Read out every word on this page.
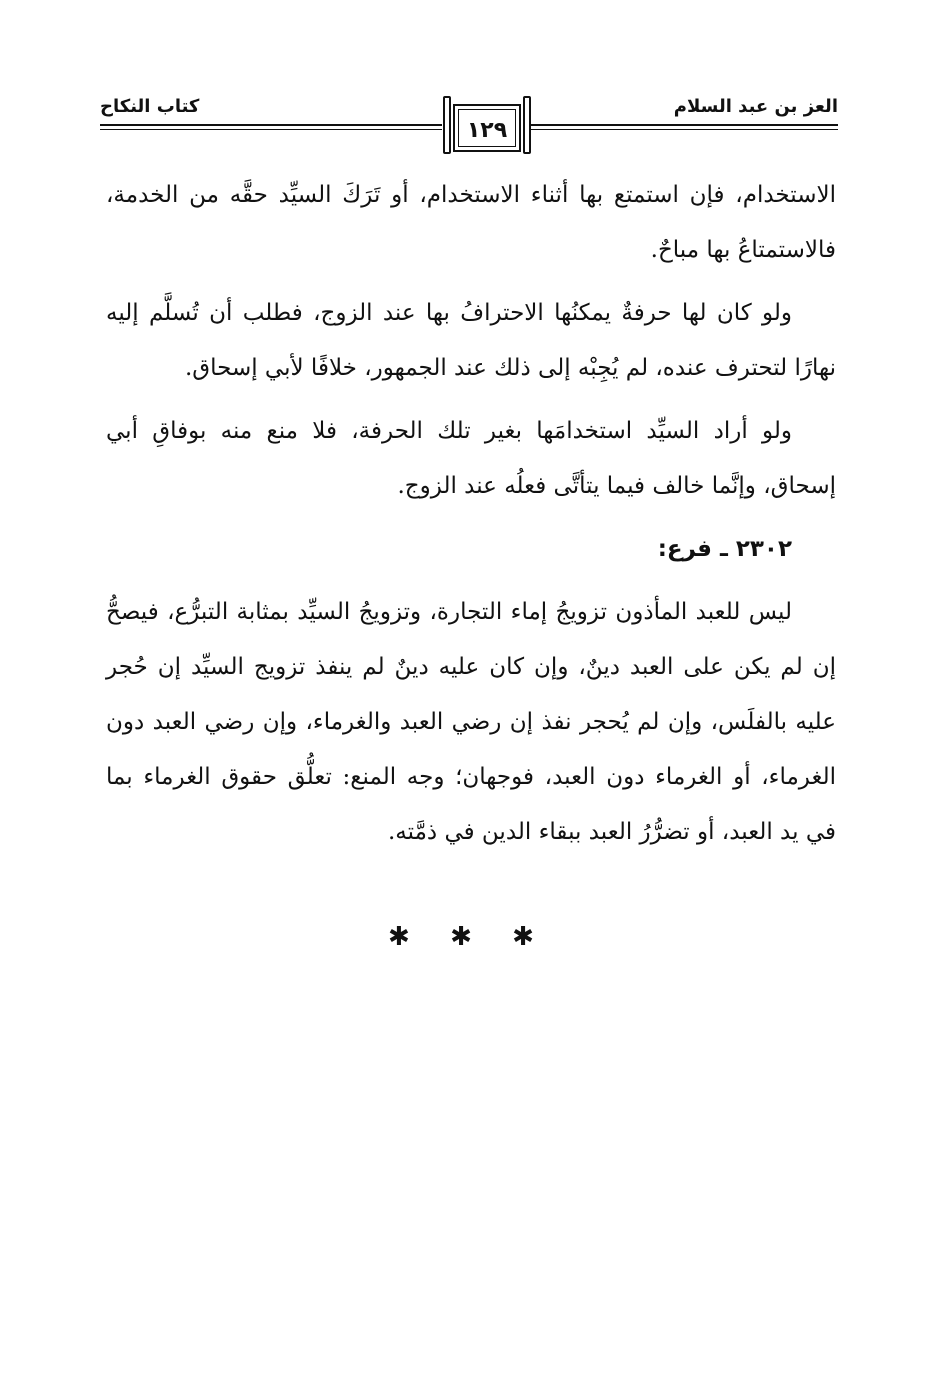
العز بن عبد السلام
كتاب النكاح
١٢٩

الاستخدام، فإن استمتع بها أثناء الاستخدام، أو تَرَكَ السيِّد حقَّه من الخدمة، فالاستمتاعُ بها مباحٌ.

ولو كان لها حرفةٌ يمكنُها الاحترافُ بها عند الزوج، فطلب أن تُسلَّم إليه نهارًا لتحترف عنده، لم يُجِبْه إلى ذلك عند الجمهور، خلافًا لأبي إسحاق.

ولو أراد السيِّد استخدامَها بغير تلك الحرفة، فلا منع منه بوفاقِ أبي إسحاق، وإنَّما خالف فيما يتأتَّى فعلُه عند الزوج.

٢٣٠٢ ـ فرع:

ليس للعبد المأذون تزويجُ إماء التجارة، وتزويجُ السيِّد بمثابة التبرُّع، فيصحُّ إن لم يكن على العبد دينٌ، وإن كان عليه دينٌ لم ينفذ تزويج السيِّد إن حُجر عليه بالفلَس، وإن لم يُحجر نفذ إن رضي العبد والغرماء، وإن رضي العبد دون الغرماء، أو الغرماء دون العبد، فوجهان؛ وجه المنع: تعلُّق حقوق الغرماء بما في يد العبد، أو تضرُّرُ العبد ببقاء الدين في ذمَّته.

✱ ✱ ✱
